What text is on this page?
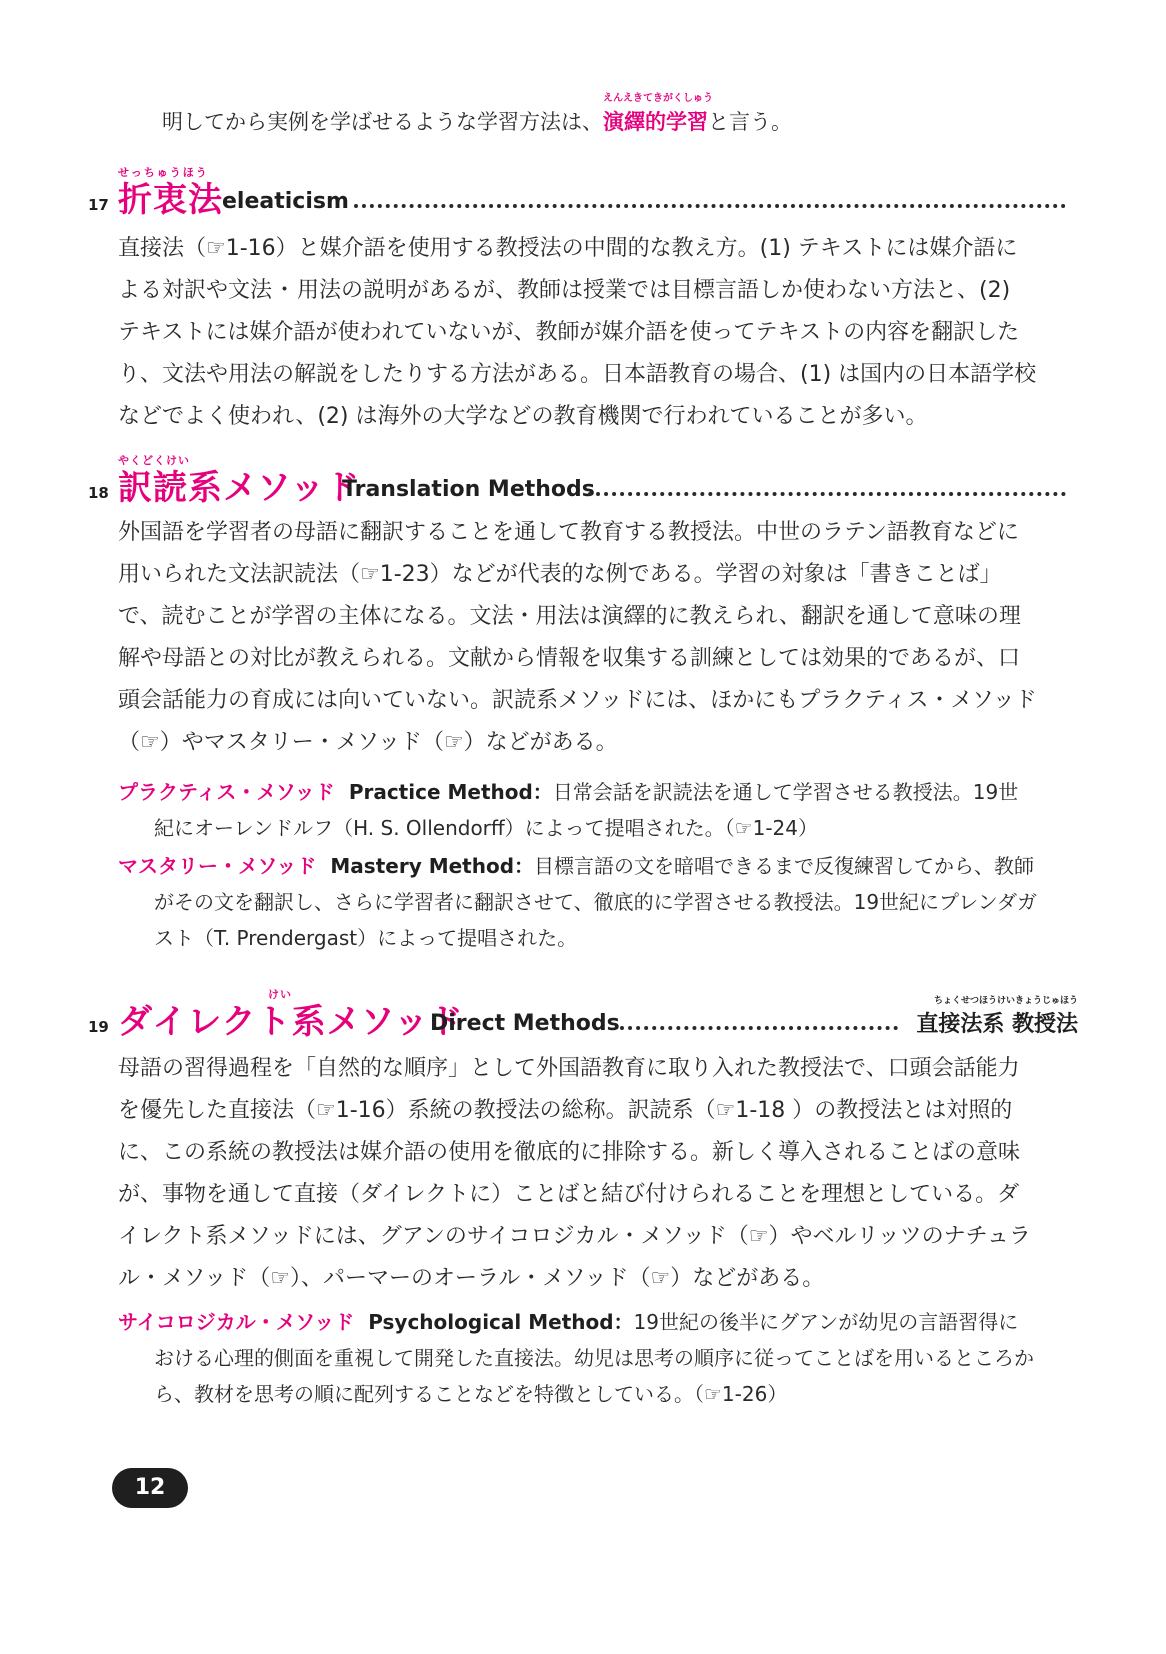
明してから実例を学ばせるような学習方法は、
えんえきてきがくしゅう
演繹的学習と言う。
17
せっちゅうほう
折衷法 eleaticism
直接法（☞1-16）と媒介語を使用する教授法の中間的な教え方。(1) テキストには媒介語による対訳や文法 ･ 用法の説明があるが、教師は授業では目標言語しか使わない方法と、(2) テキストには媒介語が使われていないが、教師が媒介語を使ってテキストの内容を翻訳したり、文法や用法の解説をしたりする方法がある。日本語教育の場合、(1) は国内の日本語学校などでよく使われ、(2) は海外の大学などの教育機関で行われていることが多い。
18
やくどくけい
訳読系メソッド
Translation Methods
外国語を学習者の母語に翻訳することを通して教育する教授法。中世のラテン語教育などに用いられた文法訳読法（☞1-23）などが代表的な例である。学習の対象は「書きことば」で、読むことが学習の主体になる。文法・用法は演繹的に教えられ、翻訳を通して意味の理解や母語との対比が教えられる。文献から情報を収集する訓練としては効果的であるが、口頭会話能力の育成には向いていない。訳読系メソッドには、ほかにもプラクティス・メソッド（☞）やマスタリー・メソッド（☞）などがある。
プラクティス・メソッド Practice Method：日常会話を訳読法を通して学習させる教授法。19世紀にオーレンドルフ（H. S. Ollendorff）によって提唱された。（☞1-24）
マスタリー・メソッド Mastery Method：目標言語の文を暗唱できるまで反復練習してから、教師がその文を翻訳し、さらに学習者に翻訳させて、徹底的に学習させる教授法。19世紀にプレンダガスト（T. Prendergast）によって提唱された。
19
けい
ダイレクト系メソッド
Direct Methods
ちょくせつほうけいきょうじゅほう
直接法系 教授法
母語の習得過程を「自然的な順序」として外国語教育に取り入れた教授法で、口頭会話能力を優先した直接法（☞1-16）系統の教授法の総称。訳読系（☞1-18 ）の教授法とは対照的に、この系統の教授法は媒介語の使用を徹底的に排除する。新しく導入されることばの意味が、事物を通して直接（ダイレクトに）ことばと結び付けられることを理想としている。ダイレクト系メソッドには、グアンのサイコロジカル・メソッド（☞）やベルリッツのナチュラル・メソッド（☞）、パーマーのオーラル・メソッド（☞）などがある。
サイコロジカル・メソッド Psychological Method：19世紀の後半にグアンが幼児の言語習得における心理的側面を重視して開発した直接法。幼児は思考の順序に従ってことばを用いるところから、教材を思考の順に配列することなどを特徴としている。（☞1-26）
12
